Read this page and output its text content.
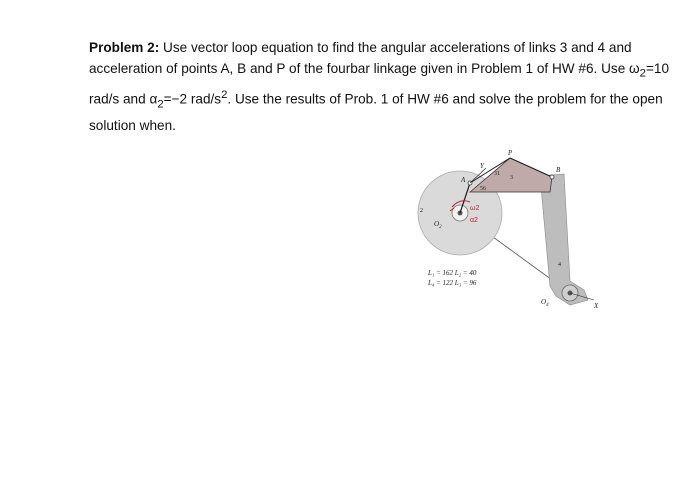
Problem 2: Use vector loop equation to find the angular accelerations of links 3 and 4 and acceleration of points A, B and P of the fourbar linkage given in Problem 1 of HW #6. Use $\omega_2=10$ rad/s and $\alpha_2=-2$ rad/$s^2$. Use the results of Prob. 1 of HW #6 and solve the problem for the open solution when.
P
B
A
Y
X
$O_2$
$O_4$
2
3
4
56
31
ω2
α2
L₁ = 162 L₂ = 40
L₄ = 122 L₃ = 96
